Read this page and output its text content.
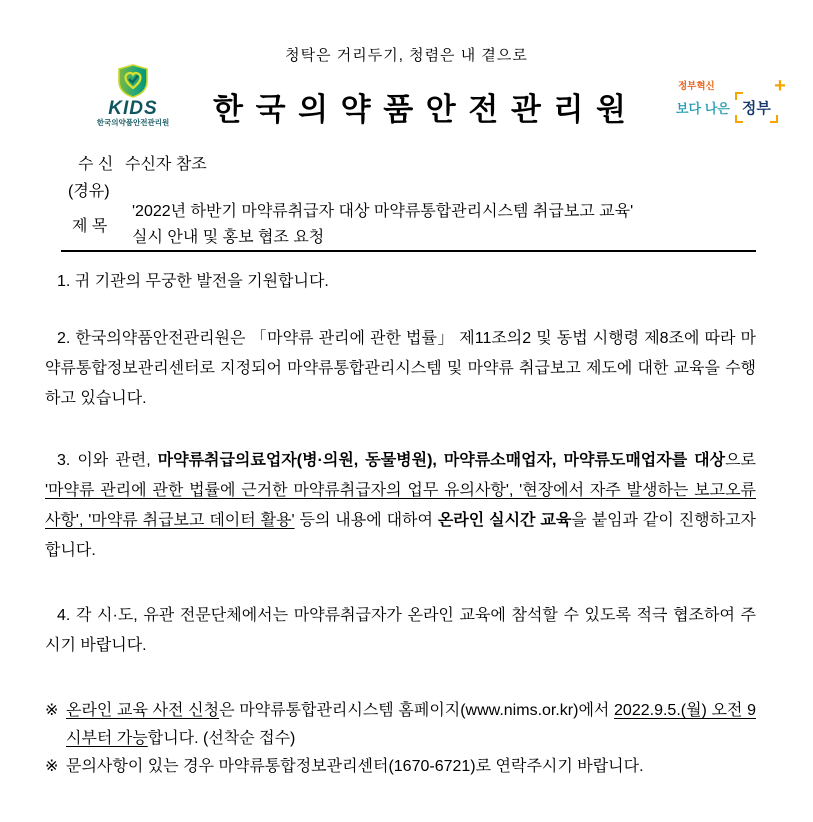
청탁은 거리두기, 청렴은 내 곁으로
KIDS
한국의약품안전관리원	한 국 의 약 품 안 전 관 리 원
정부혁신
보다 나은
+
정부
수 신 수신자 참조
(경유)
제 목
'2022년 하반기 마약류취급자 대상 마약류통합관리시스템 취급보고 교육'
실시 안내 및 홍보 협조 요청

1. 귀 기관의 무궁한 발전을 기원합니다.

2. 한국의약품안전관리원은 「마약류 관리에 관한 법률」 제11조의2 및 동법 시행령 제8조에 따라 마약류통합정보관리센터로 지정되어 마약류통합관리시스템 및 마약류 취급보고 제도에 대한 교육을 수행하고 있습니다.

3. 이와 관련, 마약류취급의료업자(병·의원, 동물병원), 마약류소매업자, 마약류도매업자를 대상으로 '마약류 관리에 관한 법률에 근거한 마약류취급자의 업무 유의사항', '현장에서 자주 발생하는 보고오류 사항', '마약류 취급보고 데이터 활용' 등의 내용에 대하여 온라인 실시간 교육을 붙임과 같이 진행하고자 합니다.

4. 각 시·도, 유관 전문단체에서는 마약류취급자가 온라인 교육에 참석할 수 있도록 적극 협조하여 주시기 바랍니다.

※ 온라인 교육 사전 신청은 마약류통합관리시스템 홈페이지(www.nims.or.kr)에서 2022.9.5.(월) 오전 9시부터 가능합니다. (선착순 접수)

※ 문의사항이 있는 경우 마약류통합정보관리센터(1670-6721)로 연락주시기 바랍니다.
